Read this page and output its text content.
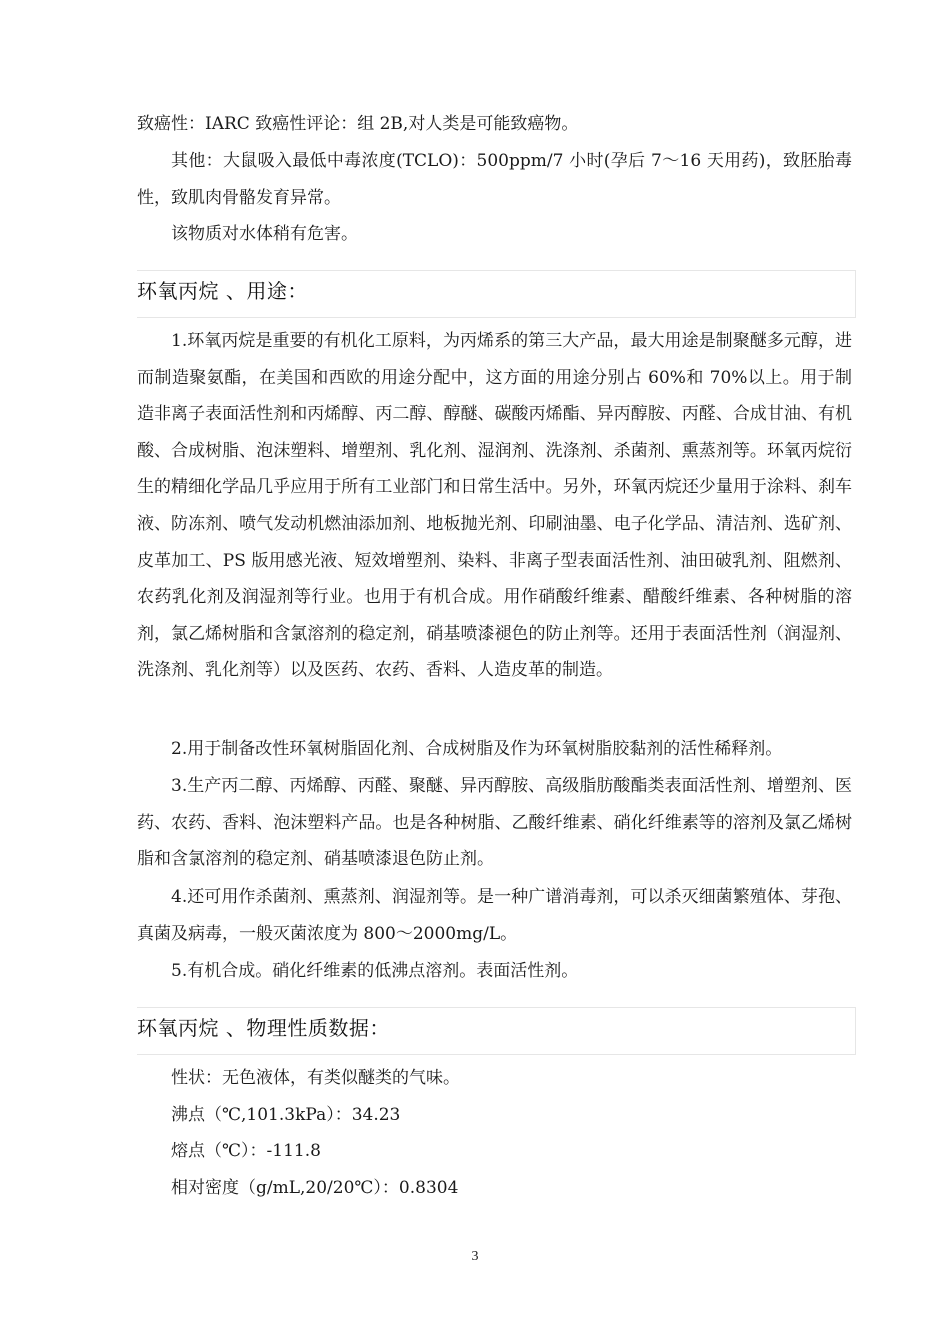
致癌性：IARC 致癌性评论：组 2B,对人类是可能致癌物。

其他：大鼠吸入最低中毒浓度(TCLO)：500ppm/7 小时(孕后 7～16 天用药)，致胚胎毒性，致肌肉骨骼发育异常。

该物质对水体稍有危害。

环氧丙烷 、用途：

1.环氧丙烷是重要的有机化工原料，为丙烯系的第三大产品，最大用途是制聚醚多元醇，进而制造聚氨酯，在美国和西欧的用途分配中，这方面的用途分别占 60%和 70%以上。用于制造非离子表面活性剂和丙烯醇、丙二醇、醇醚、碳酸丙烯酯、异丙醇胺、丙醛、合成甘油、有机酸、合成树脂、泡沫塑料、增塑剂、乳化剂、湿润剂、洗涤剂、杀菌剂、熏蒸剂等。环氧丙烷衍生的精细化学品几乎应用于所有工业部门和日常生活中。另外，环氧丙烷还少量用于涂料、刹车液、防冻剂、喷气发动机燃油添加剂、地板抛光剂、印刷油墨、电子化学品、清洁剂、选矿剂、皮革加工、PS 版用感光液、短效增塑剂、染料、非离子型表面活性剂、油田破乳剂、阻燃剂、农药乳化剂及润湿剂等行业。也用于有机合成。用作硝酸纤维素、醋酸纤维素、各种树脂的溶剂，氯乙烯树脂和含氯溶剂的稳定剂，硝基喷漆褪色的防止剂等。还用于表面活性剂（润湿剂、洗涤剂、乳化剂等）以及医药、农药、香料、人造皮革的制造。

2.用于制备改性环氧树脂固化剂、合成树脂及作为环氧树脂胶黏剂的活性稀释剂。

3.生产丙二醇、丙烯醇、丙醛、聚醚、异丙醇胺、高级脂肪酸酯类表面活性剂、增塑剂、医药、农药、香料、泡沫塑料产品。也是各种树脂、乙酸纤维素、硝化纤维素等的溶剂及氯乙烯树脂和含氯溶剂的稳定剂、硝基喷漆退色防止剂。

4.还可用作杀菌剂、熏蒸剂、润湿剂等。是一种广谱消毒剂，可以杀灭细菌繁殖体、芽孢、真菌及病毒，一般灭菌浓度为 800～2000mg/L。

5.有机合成。硝化纤维素的低沸点溶剂。表面活性剂。

环氧丙烷 、物理性质数据：

性状：无色液体，有类似醚类的气味。

沸点（℃,101.3kPa）：34.23

熔点（℃）：-111.8

相对密度（g/mL,20/20℃）：0.8304

3
